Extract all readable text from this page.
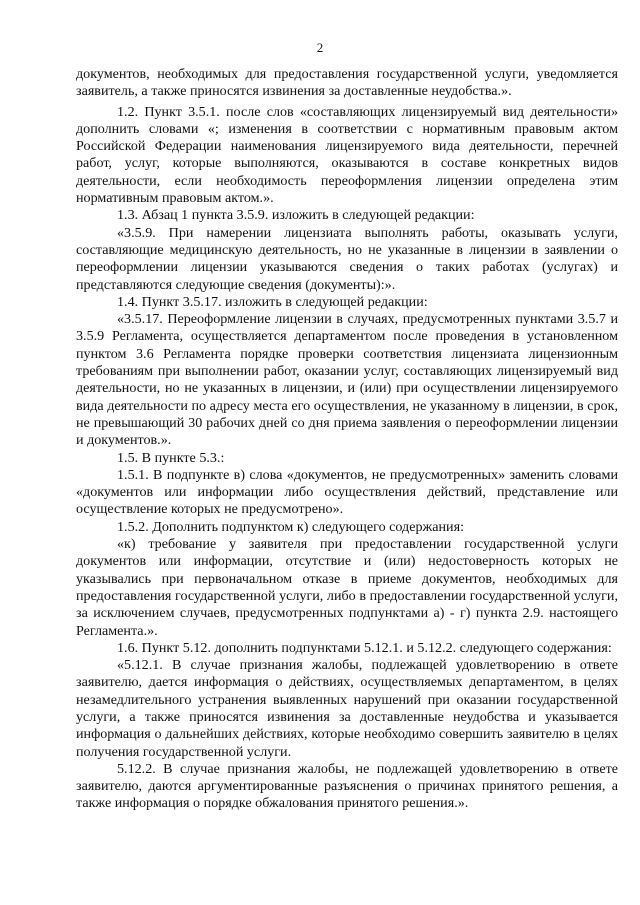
2

документов, необходимых для предоставления государственной услуги, уведомляется заявитель, а также приносятся извинения за доставленные неудобства.».

1.2. Пункт 3.5.1. после слов «составляющих лицензируемый вид деятельности» дополнить словами «; изменения в соответствии с нормативным правовым актом Российской Федерации наименования лицензируемого вида деятельности, перечней работ, услуг, которые выполняются, оказываются в составе конкретных видов деятельности, если необходимость переоформления лицензии определена этим нормативным правовым актом.».

1.3. Абзац 1 пункта 3.5.9. изложить в следующей редакции:

«3.5.9. При намерении лицензиата выполнять работы, оказывать услуги, составляющие медицинскую деятельность, но не указанные в лицензии в заявлении о переоформлении лицензии указываются сведения о таких работах (услугах) и представляются следующие сведения (документы):».

1.4. Пункт 3.5.17. изложить в следующей редакции:

«3.5.17. Переоформление лицензии в случаях, предусмотренных пунктами 3.5.7 и 3.5.9 Регламента, осуществляется департаментом после проведения в установленном пунктом 3.6 Регламента порядке проверки соответствия лицензиата лицензионным требованиям при выполнении работ, оказании услуг, составляющих лицензируемый вид деятельности, но не указанных в лицензии, и (или) при осуществлении лицензируемого вида деятельности по адресу места его осуществления, не указанному в лицензии, в срок, не превышающий 30 рабочих дней со дня приема заявления о переоформлении лицензии и документов.».

1.5. В пункте 5.3.:

1.5.1. В подпункте в) слова «документов, не предусмотренных» заменить словами «документов или информации либо осуществления действий, представление или осуществление которых не предусмотрено».

1.5.2. Дополнить подпунктом к) следующего содержания:

«к) требование у заявителя при предоставлении государственной услуги документов или информации, отсутствие и (или) недостоверность которых не указывались при первоначальном отказе в приеме документов, необходимых для предоставления государственной услуги, либо в предоставлении государственной услуги, за исключением случаев, предусмотренных подпунктами а) - г) пункта 2.9. настоящего Регламента.».

1.6. Пункт 5.12. дополнить подпунктами 5.12.1. и 5.12.2. следующего содержания:

«5.12.1. В случае признания жалобы, подлежащей удовлетворению в ответе заявителю, дается информация о действиях, осуществляемых департаментом, в целях незамедлительного устранения выявленных нарушений при оказании государственной услуги, а также приносятся извинения за доставленные неудобства и указывается информация о дальнейших действиях, которые необходимо совершить заявителю в целях получения государственной услуги.

5.12.2. В случае признания жалобы, не подлежащей удовлетворению в ответе заявителю, даются аргументированные разъяснения о причинах принятого решения, а также информация о порядке обжалования принятого решения.».
